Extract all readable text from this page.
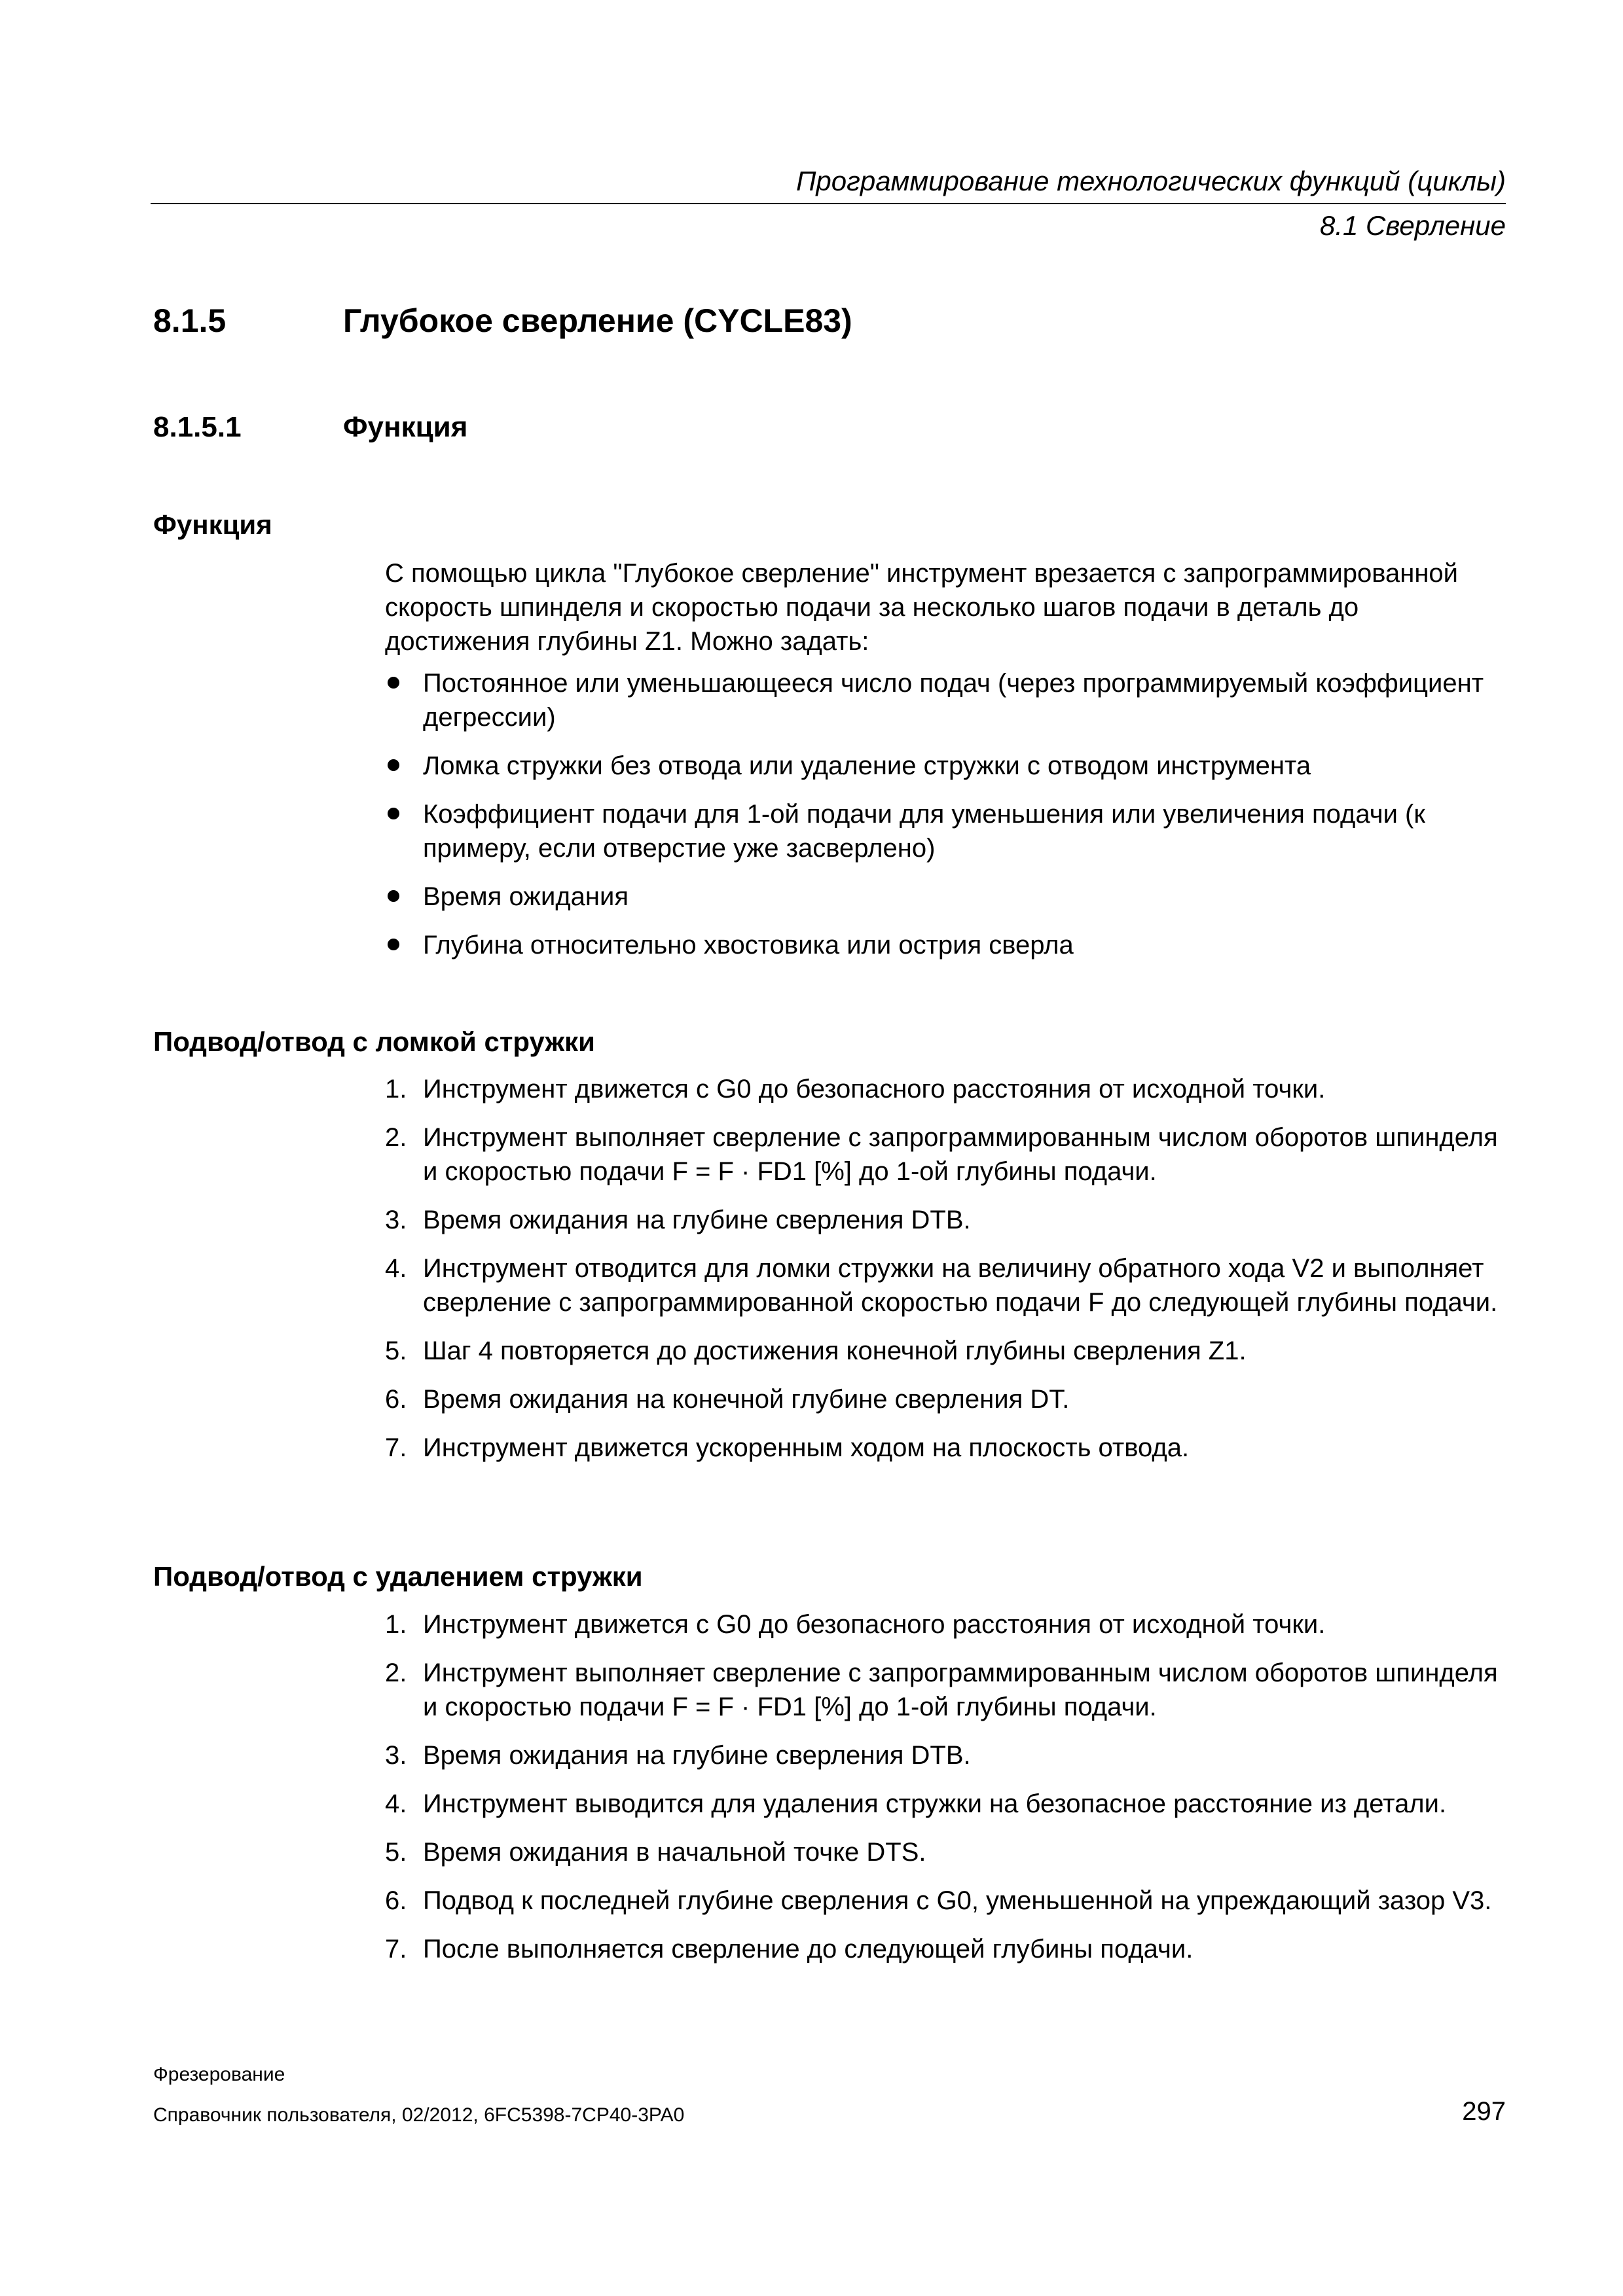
Программирование технологических функций (циклы)
8.1 Сверление
8.1.5	Глубокое сверление (CYCLE83)
8.1.5.1	Функция
Функция
С помощью цикла "Глубокое сверление" инструмент врезается с запрограммированной скорость шпинделя и скоростью подачи за несколько шагов подачи в деталь до достижения глубины Z1. Можно задать:
Постоянное или уменьшающееся число подач (через программируемый коэффициент дегрессии)
Ломка стружки без отвода или удаление стружки с отводом инструмента
Коэффициент подачи для 1-ой подачи для уменьшения или увеличения подачи (к примеру, если отверстие уже засверлено)
Время ожидания
Глубина относительно хвостовика или острия сверла
Подвод/отвод с ломкой стружки
1. Инструмент движется с G0 до безопасного расстояния от исходной точки.
2. Инструмент выполняет сверление с запрограммированным числом оборотов шпинделя и скоростью подачи F = F · FD1 [%] до 1-ой глубины подачи.
3. Время ожидания на глубине сверления DTB.
4. Инструмент отводится для ломки стружки на величину обратного хода V2 и выполняет сверление с запрограммированной скоростью подачи F до следующей глубины подачи.
5. Шаг 4 повторяется до достижения конечной глубины сверления Z1.
6. Время ожидания на конечной глубине сверления DT.
7. Инструмент движется ускоренным ходом на плоскость отвода.
Подвод/отвод с удалением стружки
1. Инструмент движется с G0 до безопасного расстояния от исходной точки.
2. Инструмент выполняет сверление с запрограммированным числом оборотов шпинделя и скоростью подачи F = F · FD1 [%] до 1-ой глубины подачи.
3. Время ожидания на глубине сверления DTB.
4. Инструмент выводится для удаления стружки на безопасное расстояние из детали.
5. Время ожидания в начальной точке DTS.
6. Подвод к последней глубине сверления с G0, уменьшенной на упреждающий зазор V3.
7. После выполняется сверление до следующей глубины подачи.
Фрезерование
Справочник пользователя, 02/2012, 6FC5398-7CP40-3PA0	297
